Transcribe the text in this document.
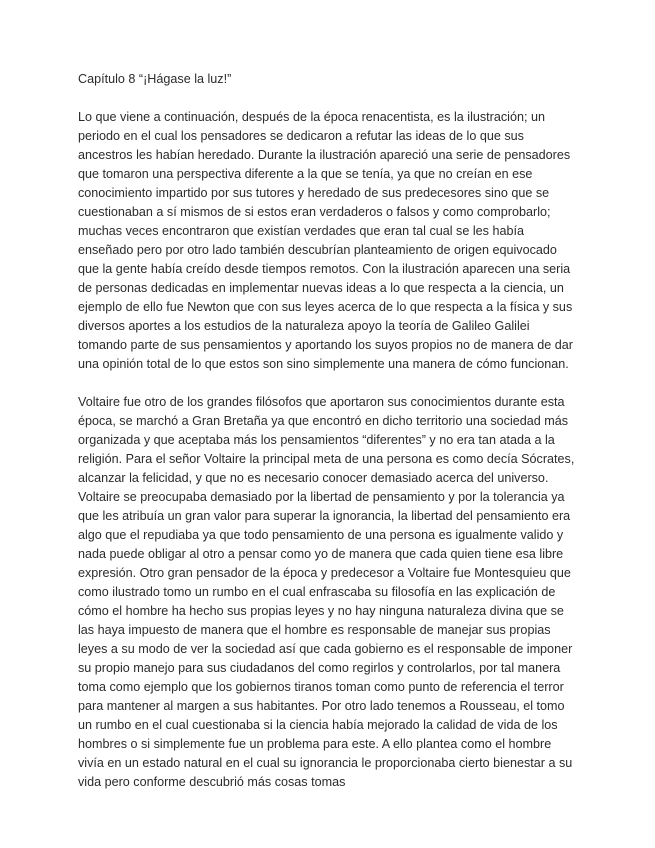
Capítulo 8 “¡Hágase la luz!”

Lo que viene a continuación, después de la época renacentista, es la ilustración; un periodo en el cual los pensadores se dedicaron a refutar las ideas de lo que sus ancestros les habían heredado. Durante la ilustración apareció una serie de pensadores que tomaron una perspectiva diferente a la que se tenía, ya que no creían en ese conocimiento impartido por sus tutores y heredado de sus predecesores sino que se cuestionaban a sí mismos de si estos eran verdaderos o falsos y como comprobarlo; muchas veces encontraron que existían verdades que eran tal cual se les había enseñado pero por otro lado también descubrían planteamiento de origen equivocado que la gente había creído desde tiempos remotos. Con la ilustración aparecen una seria de personas dedicadas en implementar nuevas ideas a lo que respecta a la ciencia, un ejemplo de ello fue Newton que con sus leyes acerca de lo que respecta a la física y sus diversos aportes a los estudios de la naturaleza apoyo la teoría de Galileo Galilei tomando parte de sus pensamientos y aportando los suyos propios no de manera de dar una opinión total de lo que estos son sino simplemente una manera de cómo funcionan.

Voltaire fue otro de los grandes filósofos que aportaron sus conocimientos durante esta época, se marchó a Gran Bretaña ya que encontró en dicho territorio una sociedad más organizada y que aceptaba más los pensamientos “diferentes” y no era tan atada a la religión. Para el señor Voltaire la principal meta de una persona es como decía Sócrates, alcanzar la felicidad, y que no es necesario conocer demasiado acerca del universo. Voltaire se preocupaba demasiado por la libertad de pensamiento y por la tolerancia ya que les atribuía un gran valor para superar la ignorancia, la libertad del pensamiento era algo que el repudiaba ya que todo pensamiento de una persona es igualmente valido y nada puede obligar al otro a pensar como yo de manera que cada quien tiene esa libre expresión. Otro gran pensador de la época y predecesor a Voltaire fue Montesquieu que como ilustrado tomo un rumbo en el cual enfrascaba su filosofía en las explicación de cómo el hombre ha hecho sus propias leyes y no hay ninguna naturaleza divina que se las haya impuesto de manera que el hombre es responsable de manejar sus propias leyes a su modo de ver la sociedad así que cada gobierno es el responsable de imponer su propio manejo para sus ciudadanos del como regirlos y controlarlos, por tal manera toma como ejemplo que los gobiernos tiranos toman como punto de referencia el terror para mantener al margen a sus habitantes. Por otro lado tenemos a Rousseau, el tomo un rumbo en el cual cuestionaba si la ciencia había mejorado la calidad de vida de los hombres o si simplemente fue un problema para este. A ello plantea como el hombre vivía en un estado natural en el cual su ignorancia le proporcionaba cierto bienestar a su vida pero conforme descubrió más cosas tomas
